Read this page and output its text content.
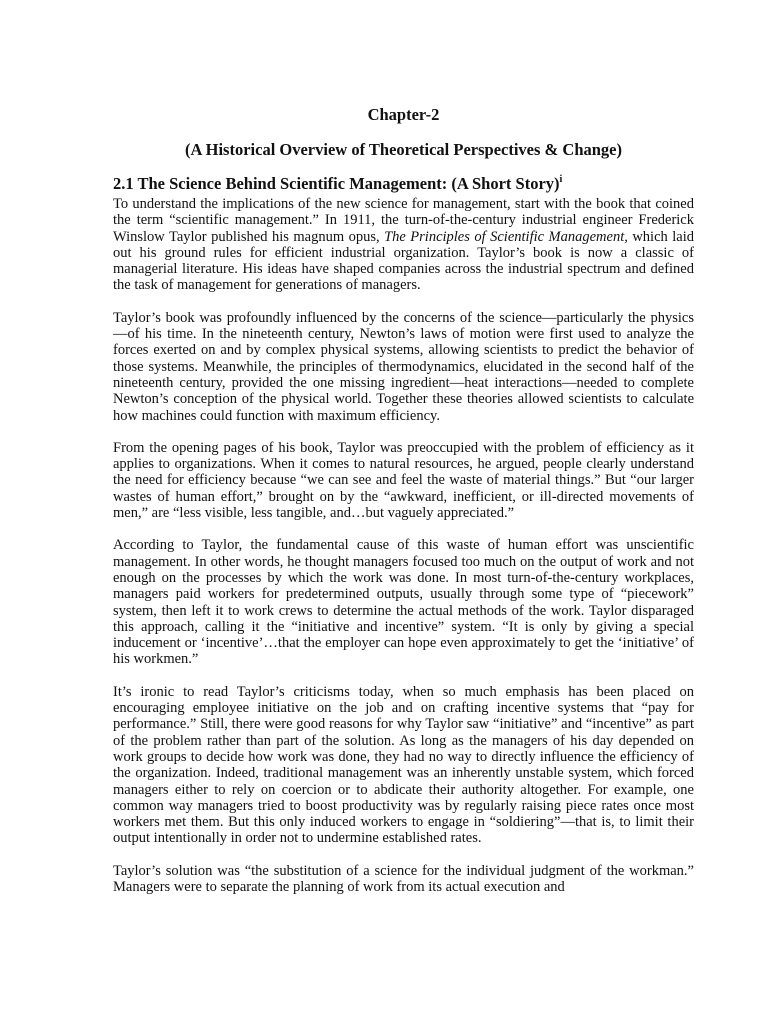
Chapter-2
(A Historical Overview of Theoretical Perspectives & Change)
2.1 The Science Behind Scientific Management: (A Short Story)$^i$

To understand the implications of the new science for management, start with the book that coined the term “scientific management.” In 1911, the turn-of-the-century industrial engineer Frederick Winslow Taylor published his magnum opus, The Principles of Scientific Management, which laid out his ground rules for efficient industrial organization. Taylor’s book is now a classic of managerial literature. His ideas have shaped companies across the industrial spectrum and defined the task of management for generations of managers.

Taylor’s book was profoundly influenced by the concerns of the science—particularly the physics—of his time. In the nineteenth century, Newton’s laws of motion were first used to analyze the forces exerted on and by complex physical systems, allowing scientists to predict the behavior of those systems. Meanwhile, the principles of thermodynamics, elucidated in the second half of the nineteenth century, provided the one missing ingredient—heat interactions—needed to complete Newton’s conception of the physical world. Together these theories allowed scientists to calculate how machines could function with maximum efficiency.

From the opening pages of his book, Taylor was preoccupied with the problem of efficiency as it applies to organizations. When it comes to natural resources, he argued, people clearly understand the need for efficiency because “we can see and feel the waste of material things.” But “our larger wastes of human effort,” brought on by the “awkward, inefficient, or ill-directed movements of men,” are “less visible, less tangible, and…but vaguely appreciated.”

According to Taylor, the fundamental cause of this waste of human effort was unscientific management. In other words, he thought managers focused too much on the output of work and not enough on the processes by which the work was done. In most turn-of-the-century workplaces, managers paid workers for predetermined outputs, usually through some type of “piecework” system, then left it to work crews to determine the actual methods of the work. Taylor disparaged this approach, calling it the “initiative and incentive” system. “It is only by giving a special inducement or ‘incentive’…that the employer can hope even approximately to get the ‘initiative’ of his workmen.”

It’s ironic to read Taylor’s criticisms today, when so much emphasis has been placed on encouraging employee initiative on the job and on crafting incentive systems that “pay for performance.” Still, there were good reasons for why Taylor saw “initiative” and “incentive” as part of the problem rather than part of the solution. As long as the managers of his day depended on work groups to decide how work was done, they had no way to directly influence the efficiency of the organization. Indeed, traditional management was an inherently unstable system, which forced managers either to rely on coercion or to abdicate their authority altogether. For example, one common way managers tried to boost productivity was by regularly raising piece rates once most workers met them. But this only induced workers to engage in “soldiering”—that is, to limit their output intentionally in order not to undermine established rates.

Taylor’s solution was “the substitution of a science for the individual judgment of the workman.” Managers were to separate the planning of work from its actual execution and
